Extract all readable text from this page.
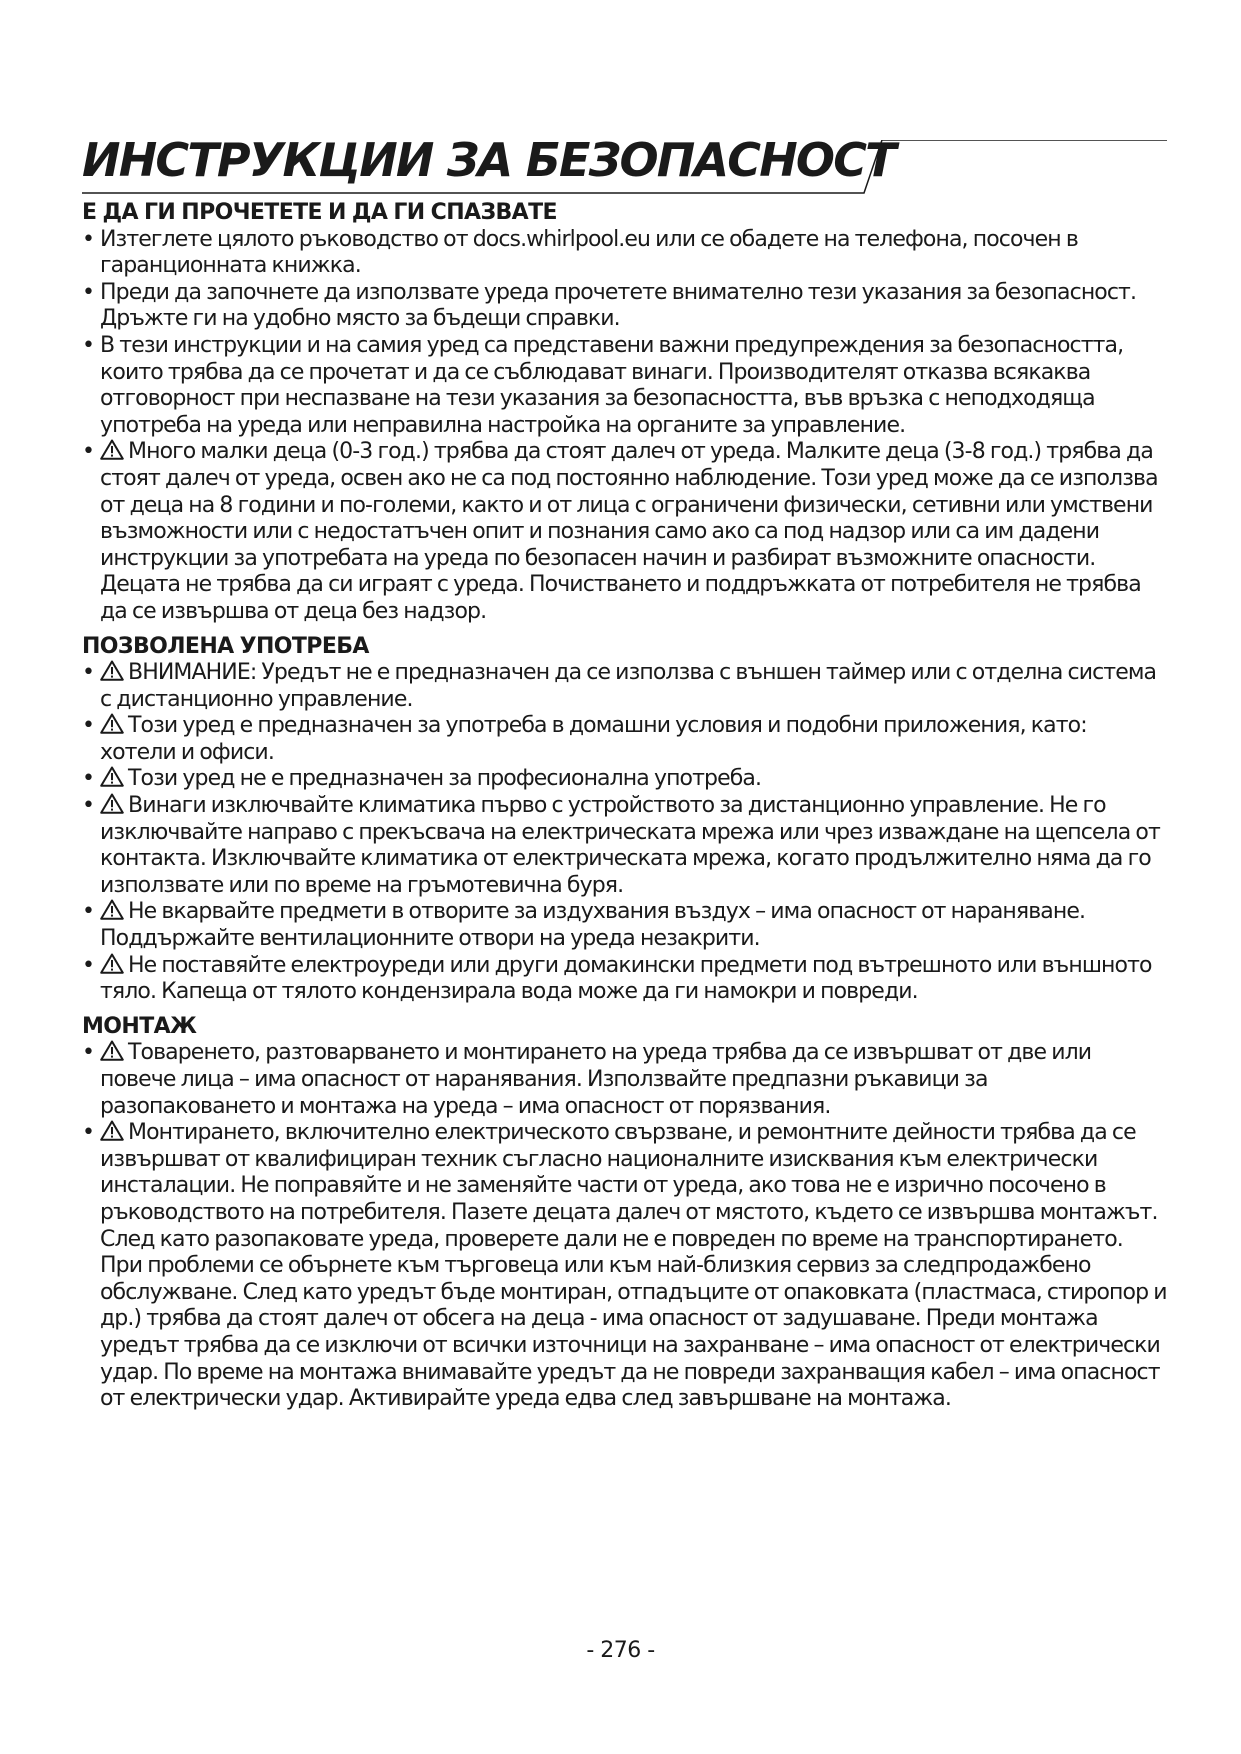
ИНСТРУКЦИИ ЗА БЕЗОПАСНОСТ
Е ДА ГИ ПРОЧЕТЕТЕ И ДА ГИ СПАЗВАТЕ
• Изтеглете цялото ръководство от docs.whirlpool.eu или се обадете на телефона, посочен в гаранционната книжка.
• Преди да започнете да използвате уреда прочетете внимателно тези указания за безопасност. Дръжте ги на удобно място за бъдещи справки.
• В тези инструкции и на самия уред са представени важни предупреждения за безопасността, които трябва да се прочетат и да се съблюдават винаги. Производителят отказва всякаква отговорност при неспазване на тези указания за безопасността, във връзка с неподходяща употреба на уреда или неправилна настройка на органите за управление.
• Много малки деца (0-3 год.) трябва да стоят далеч от уреда. Малките деца (3-8 год.) трябва да стоят далеч от уреда, освен ако не са под постоянно наблюдение. Този уред може да се използва от деца на 8 години и по-големи, както и от лица с ограничени физически, сетивни или умствени възможности или с недостатъчен опит и познания само ако са под надзор или са им дадени инструкции за употребата на уреда по безопасен начин и разбират възможните опасности. Децата не трябва да си играят с уреда. Почистването и поддръжката от потребителя не трябва да се извършва от деца без надзор.
ПОЗВОЛЕНА УПОТРЕБА
• ВНИМАНИЕ: Уредът не е предназначен да се използва с външен таймер или с отделна система с дистанционно управление.
• Този уред е предназначен за употреба в домашни условия и подобни приложения, като: хотели и офиси.
• Този уред не е предназначен за професионална употреба.
• Винаги изключвайте климатика първо с устройството за дистанционно управление. Не го изключвайте направо с прекъсвача на електрическата мрежа или чрез изваждане на щепсела от контакта. Изключвайте климатика от електрическата мрежа, когато продължително няма да го използвате или по време на гръмотевична буря.
• Не вкарвайте предмети в отворите за издухвания въздух – има опасност от нараняване. Поддържайте вентилационните отвори на уреда незакрити.
• Не поставяйте електроуреди или други домакински предмети под вътрешното или външното тяло. Капеща от тялото кондензирала вода може да ги намокри и повреди.
МОНТАЖ
• Товаренето, разтоварването и монтирането на уреда трябва да се извършват от две или повече лица – има опасност от наранявания. Използвайте предпазни ръкавици за разопаковането и монтажа на уреда – има опасност от порязвания.
• Монтирането, включително електрическото свързване, и ремонтните дейности трябва да се извършват от квалифициран техник съгласно националните изисквания към електрически инсталации. Не поправяйте и не заменяйте части от уреда, ако това не е изрично посочено в ръководството на потребителя. Пазете децата далеч от мястото, където се извършва монтажът. След като разопаковате уреда, проверете дали не е повреден по време на транспортирането. При проблеми се обърнете към търговеца или към най-близкия сервиз за следпродажбено обслужване. След като уредът бъде монтиран, отпадъците от опаковката (пластмаса, стиропор и др.) трябва да стоят далеч от обсега на деца - има опасност от задушаване. Преди монтажа уредът трябва да се изключи от всички източници на захранване – има опасност от електрически удар. По време на монтажа внимавайте уредът да не повреди захранващия кабел – има опасност от електрически удар. Активирайте уреда едва след завършване на монтажа.
- 276 -
